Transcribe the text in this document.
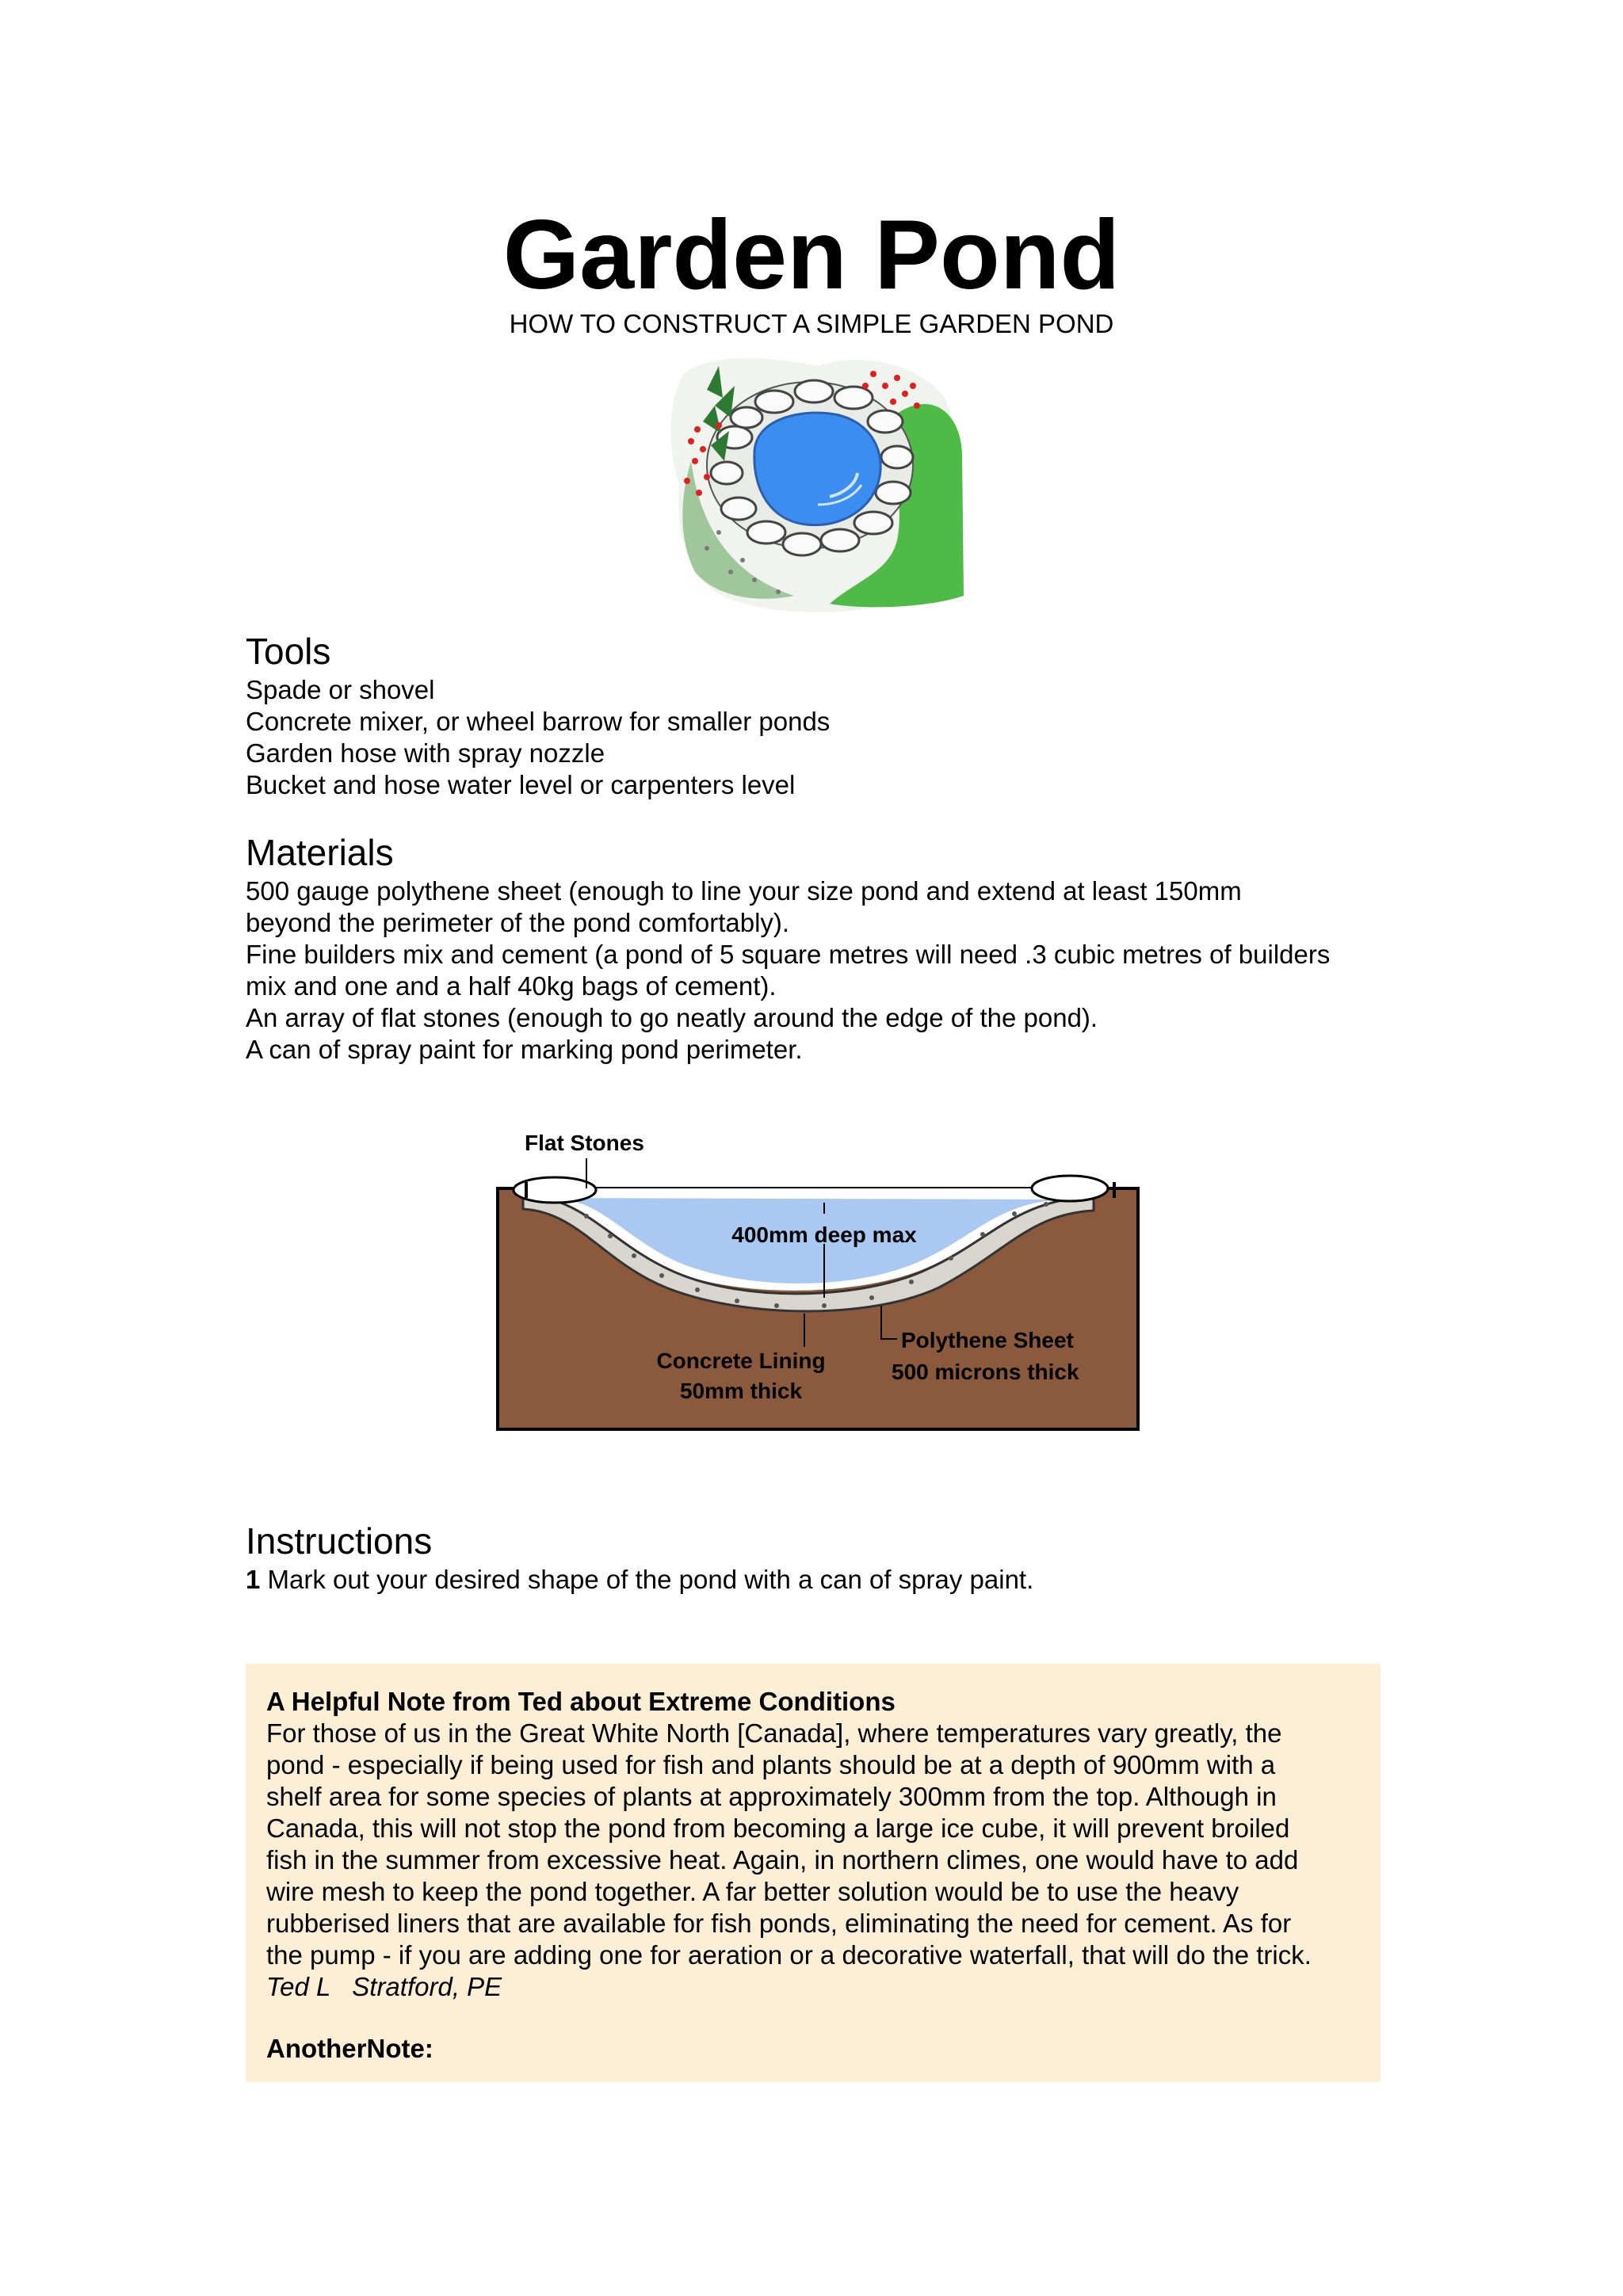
Garden Pond
HOW TO CONSTRUCT A SIMPLE GARDEN POND
Tools
Spade or shovel
Concrete mixer, or wheel barrow for smaller ponds
Garden hose with spray nozzle
Bucket and hose water level or carpenters level
Materials
500 gauge polythene sheet (enough to line your size pond and extend at least 150mm
beyond the perimeter of the pond comfortably).
Fine builders mix and cement (a pond of 5 square metres will need .3 cubic metres of builders
mix and one and a half 40kg bags of cement).
An array of flat stones (enough to go neatly around the edge of the pond).
A can of spray paint for marking pond perimeter.
Flat Stones
400mm deep max
Concrete Lining
50mm thick
Polythene Sheet
500 microns thick
Instructions
1 Mark out your desired shape of the pond with a can of spray paint.
A Helpful Note from Ted about Extreme Conditions
For those of us in the Great White North [Canada], where temperatures vary greatly, the
pond - especially if being used for fish and plants should be at a depth of 900mm with a
shelf area for some species of plants at approximately 300mm from the top. Although in
Canada, this will not stop the pond from becoming a large ice cube, it will prevent broiled
fish in the summer from excessive heat. Again, in northern climes, one would have to add
wire mesh to keep the pond together. A far better solution would be to use the heavy
rubberised liners that are available for fish ponds, eliminating the need for cement. As for
the pump - if you are adding one for aeration or a decorative waterfall, that will do the trick.
Ted L   Stratford, PE
AnotherNote:
